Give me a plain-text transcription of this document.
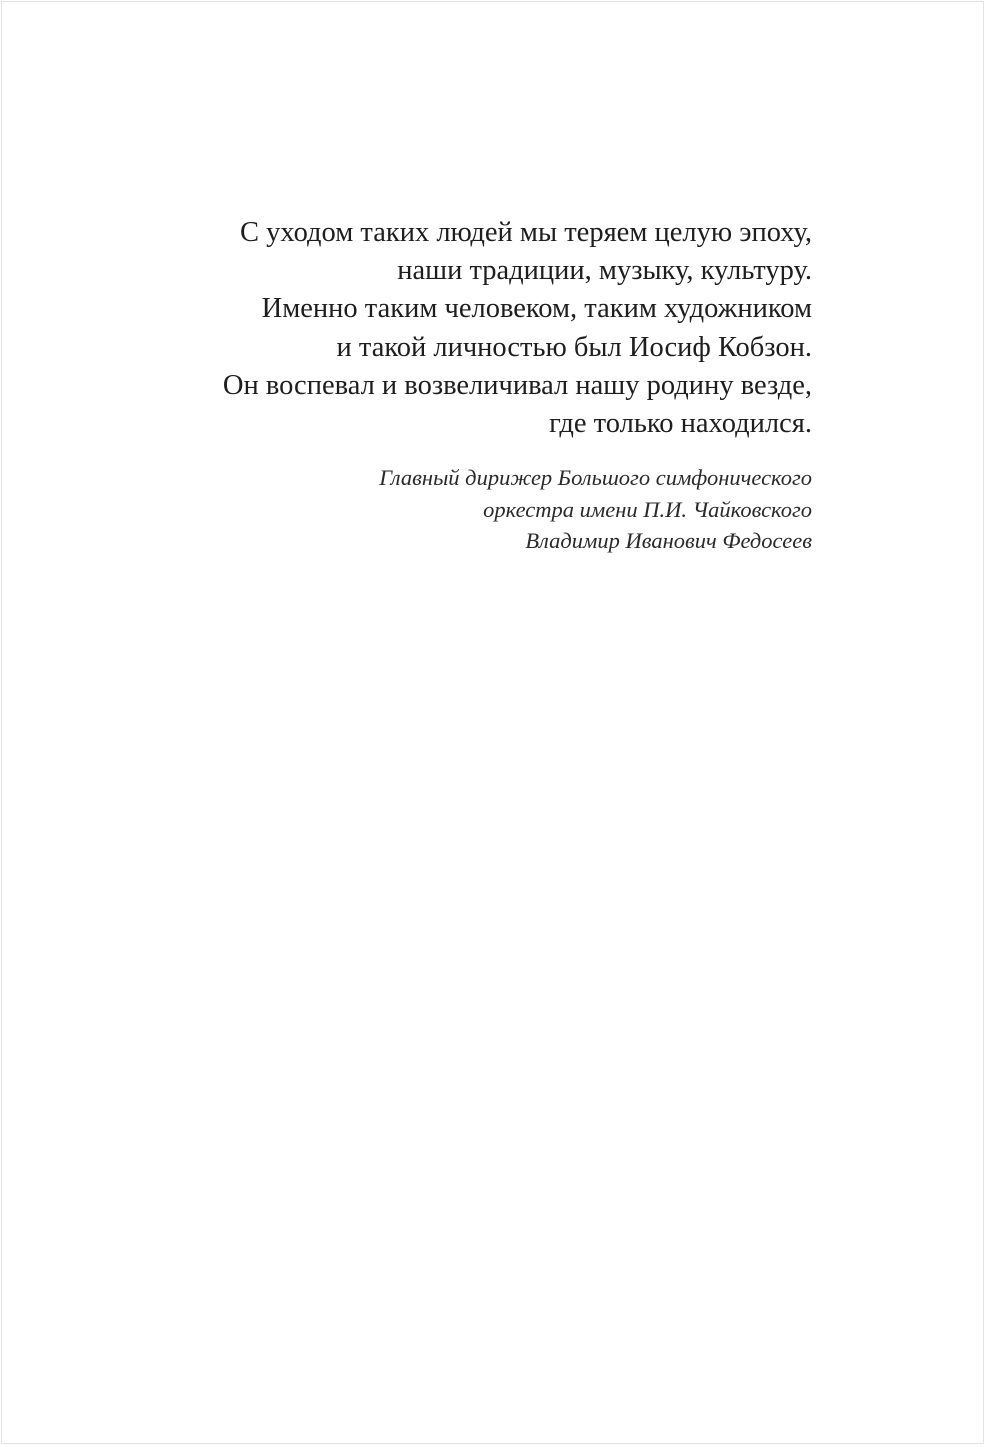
С уходом таких людей мы теряем целую эпоху,
наши традиции, музыку, культуру.
Именно таким человеком, таким художником
и такой личностью был Иосиф Кобзон.
Он воспевал и возвеличивал нашу родину везде,
где только находился.
Главный дирижер Большого симфонического
оркестра имени П.И. Чайковского
Владимир Иванович Федосеев
